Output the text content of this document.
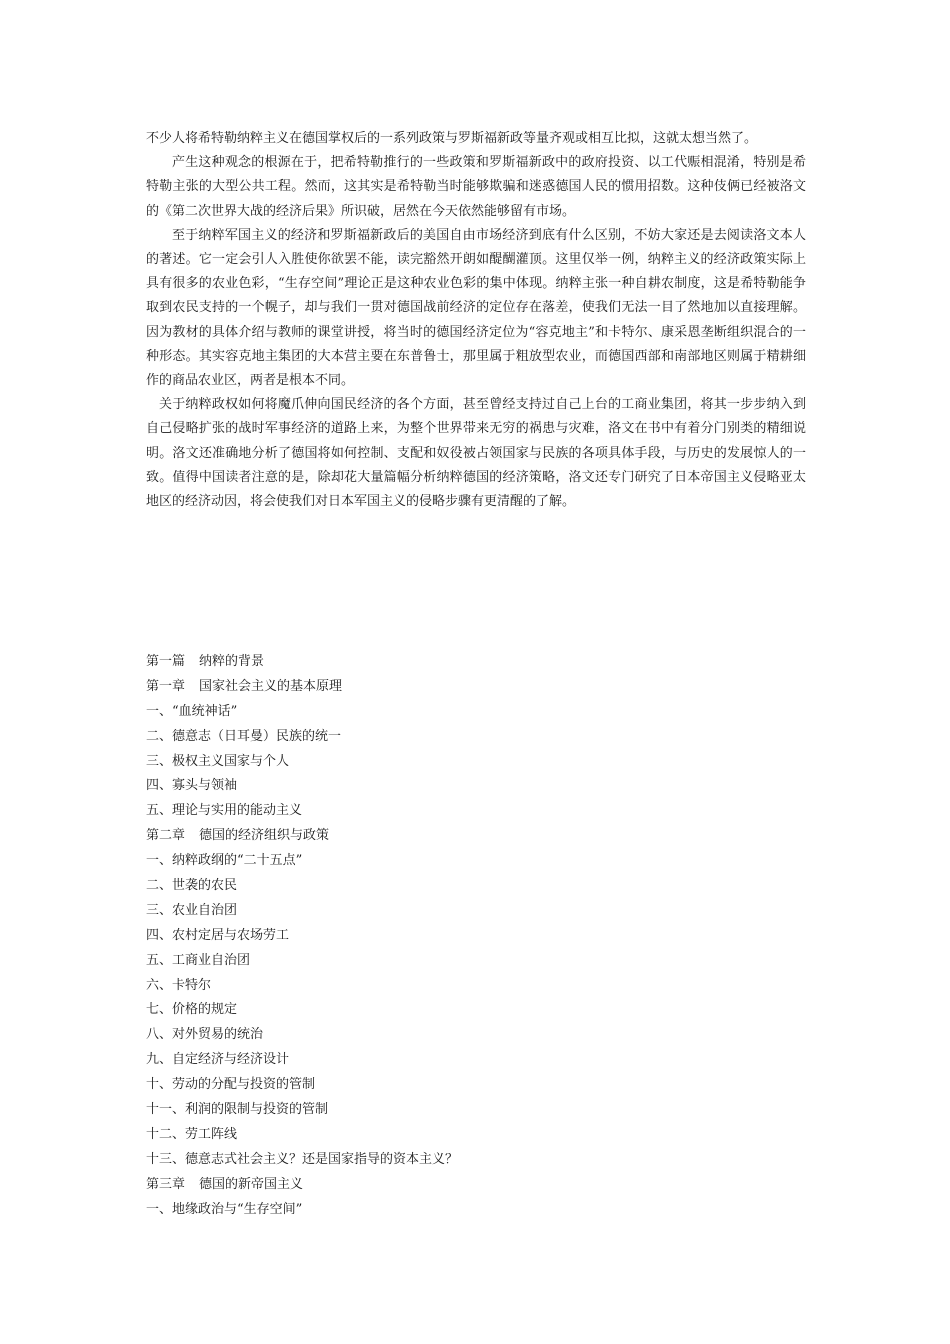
不少人将希特勒纳粹主义在德国掌权后的一系列政策与罗斯福新政等量齐观或相互比拟，这就太想当然了。

产生这种观念的根源在于，把希特勒推行的一些政策和罗斯福新政中的政府投资、以工代赈相混淆，特别是希特勒主张的大型公共工程。然而，这其实是希特勒当时能够欺骗和迷惑德国人民的惯用招数。这种伎俩已经被洛文的《第二次世界大战的经济后果》所识破，居然在今天依然能够留有市场。

至于纳粹军国主义的经济和罗斯福新政后的美国自由市场经济到底有什么区别，不妨大家还是去阅读洛文本人的著述。它一定会引人入胜使你欲罢不能，读完豁然开朗如醍醐灌顶。这里仅举一例，纳粹主义的经济政策实际上具有很多的农业色彩，“生存空间”理论正是这种农业色彩的集中体现。纳粹主张一种自耕农制度，这是希特勒能争取到农民支持的一个幌子，却与我们一贯对德国战前经济的定位存在落差，使我们无法一目了然地加以直接理解。因为教材的具体介绍与教师的课堂讲授，将当时的德国经济定位为“容克地主”和卡特尔、康采恩垄断组织混合的一种形态。其实容克地主集团的大本营主要在东普鲁士，那里属于粗放型农业，而德国西部和南部地区则属于精耕细作的商品农业区，两者是根本不同。

关于纳粹政权如何将魔爪伸向国民经济的各个方面，甚至曾经支持过自己上台的工商业集团，将其一步步纳入到自己侵略扩张的战时军事经济的道路上来，为整个世界带来无穷的祸患与灾难，洛文在书中有着分门别类的精细说明。洛文还准确地分析了德国将如何控制、支配和奴役被占领国家与民族的各项具体手段，与历史的发展惊人的一致。值得中国读者注意的是，除却花大量篇幅分析纳粹德国的经济策略，洛文还专门研究了日本帝国主义侵略亚太地区的经济动因，将会使我们对日本军国主义的侵略步骤有更清醒的了解。

第一篇 纳粹的背景
第一章 国家社会主义的基本原理
一、“血统神话”
二、德意志（日耳曼）民族的统一
三、极权主义国家与个人
四、寡头与领袖
五、理论与实用的能动主义
第二章 德国的经济组织与政策
一、纳粹政纲的“二十五点”
二、世袭的农民
三、农业自治团
四、农村定居与农场劳工
五、工商业自治团
六、卡特尔
七、价格的规定
八、对外贸易的统治
九、自定经济与经济设计
十、劳动的分配与投资的管制
十一、利润的限制与投资的管制
十二、劳工阵线
十三、德意志式社会主义？还是国家指导的资本主义？
第三章 德国的新帝国主义
一、地缘政治与“生存空间”
